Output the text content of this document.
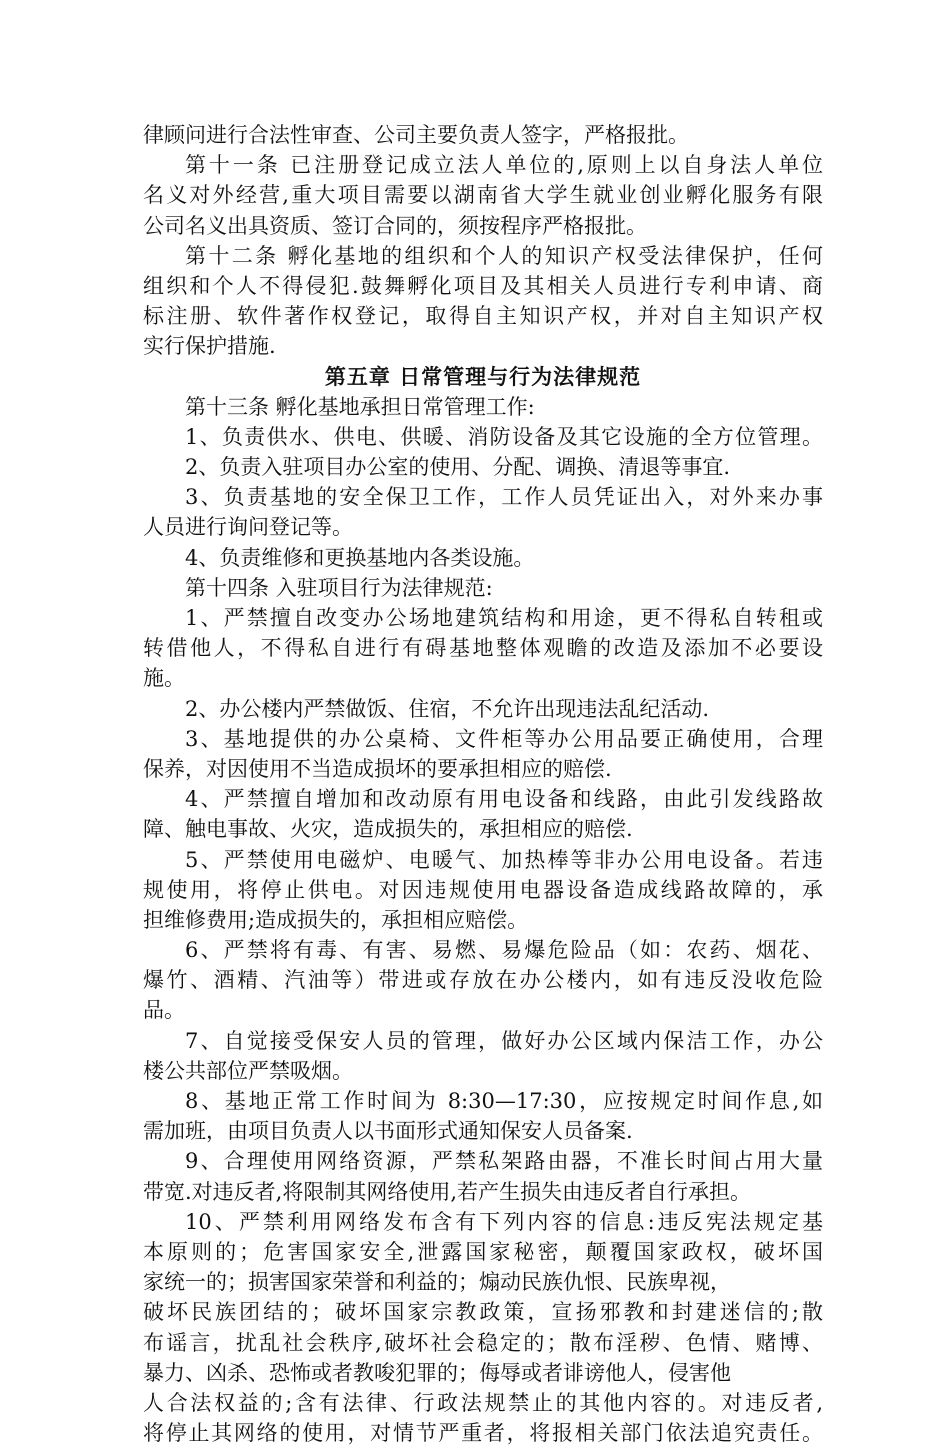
律顾问进行合法性审查、公司主要负责人签字，严格报批。
第十一条 已注册登记成立法人单位的,原则上以自身法人单位
名义对外经营,重大项目需要以湖南省大学生就业创业孵化服务有限
公司名义出具资质、签订合同的，须按程序严格报批。
第十二条 孵化基地的组织和个人的知识产权受法律保护，任何
组织和个人不得侵犯.鼓舞孵化项目及其相关人员进行专利申请、商
标注册、软件著作权登记，取得自主知识产权，并对自主知识产权
实行保护措施.
第五章 日常管理与行为法律规范
第十三条 孵化基地承担日常管理工作:
1、负责供水、供电、供暖、消防设备及其它设施的全方位管理。
2、负责入驻项目办公室的使用、分配、调换、清退等事宜.
3、负责基地的安全保卫工作，工作人员凭证出入，对外来办事
人员进行询问登记等。
4、负责维修和更换基地内各类设施。
第十四条 入驻项目行为法律规范:
1、严禁擅自改变办公场地建筑结构和用途，更不得私自转租或
转借他人，不得私自进行有碍基地整体观瞻的改造及添加不必要设
施。
2、办公楼内严禁做饭、住宿，不允许出现违法乱纪活动.
3、基地提供的办公桌椅、文件柜等办公用品要正确使用，合理
保养，对因使用不当造成损坏的要承担相应的赔偿.
4、严禁擅自增加和改动原有用电设备和线路，由此引发线路故
障、触电事故、火灾，造成损失的，承担相应的赔偿.
5、严禁使用电磁炉、电暖气、加热棒等非办公用电设备。若违
规使用，将停止供电。对因违规使用电器设备造成线路故障的，承
担维修费用;造成损失的，承担相应赔偿。
6、严禁将有毒、有害、易燃、易爆危险品（如：农药、烟花、
爆竹、酒精、汽油等）带进或存放在办公楼内，如有违反没收危险
品。
7、自觉接受保安人员的管理，做好办公区域内保洁工作，办公
楼公共部位严禁吸烟。
8、基地正常工作时间为 8:30—17:30，应按规定时间作息,如
需加班，由项目负责人以书面形式通知保安人员备案.
9、合理使用网络资源，严禁私架路由器，不准长时间占用大量
带宽.对违反者,将限制其网络使用,若产生损失由违反者自行承担。
10、严禁利用网络发布含有下列内容的信息:违反宪法规定基
本原则的；危害国家安全,泄露国家秘密，颠覆国家政权，破坏国
家统一的；损害国家荣誉和利益的；煽动民族仇恨、民族卑视，
破坏民族团结的；破坏国家宗教政策，宣扬邪教和封建迷信的;散
布谣言，扰乱社会秩序,破坏社会稳定的；散布淫秽、色情、赌博、
暴力、凶杀、恐怖或者教唆犯罪的；侮辱或者诽谤他人，侵害他
人合法权益的;含有法律、行政法规禁止的其他内容的。对违反者,
将停止其网络的使用，对情节严重者，将报相关部门依法追究责任。
